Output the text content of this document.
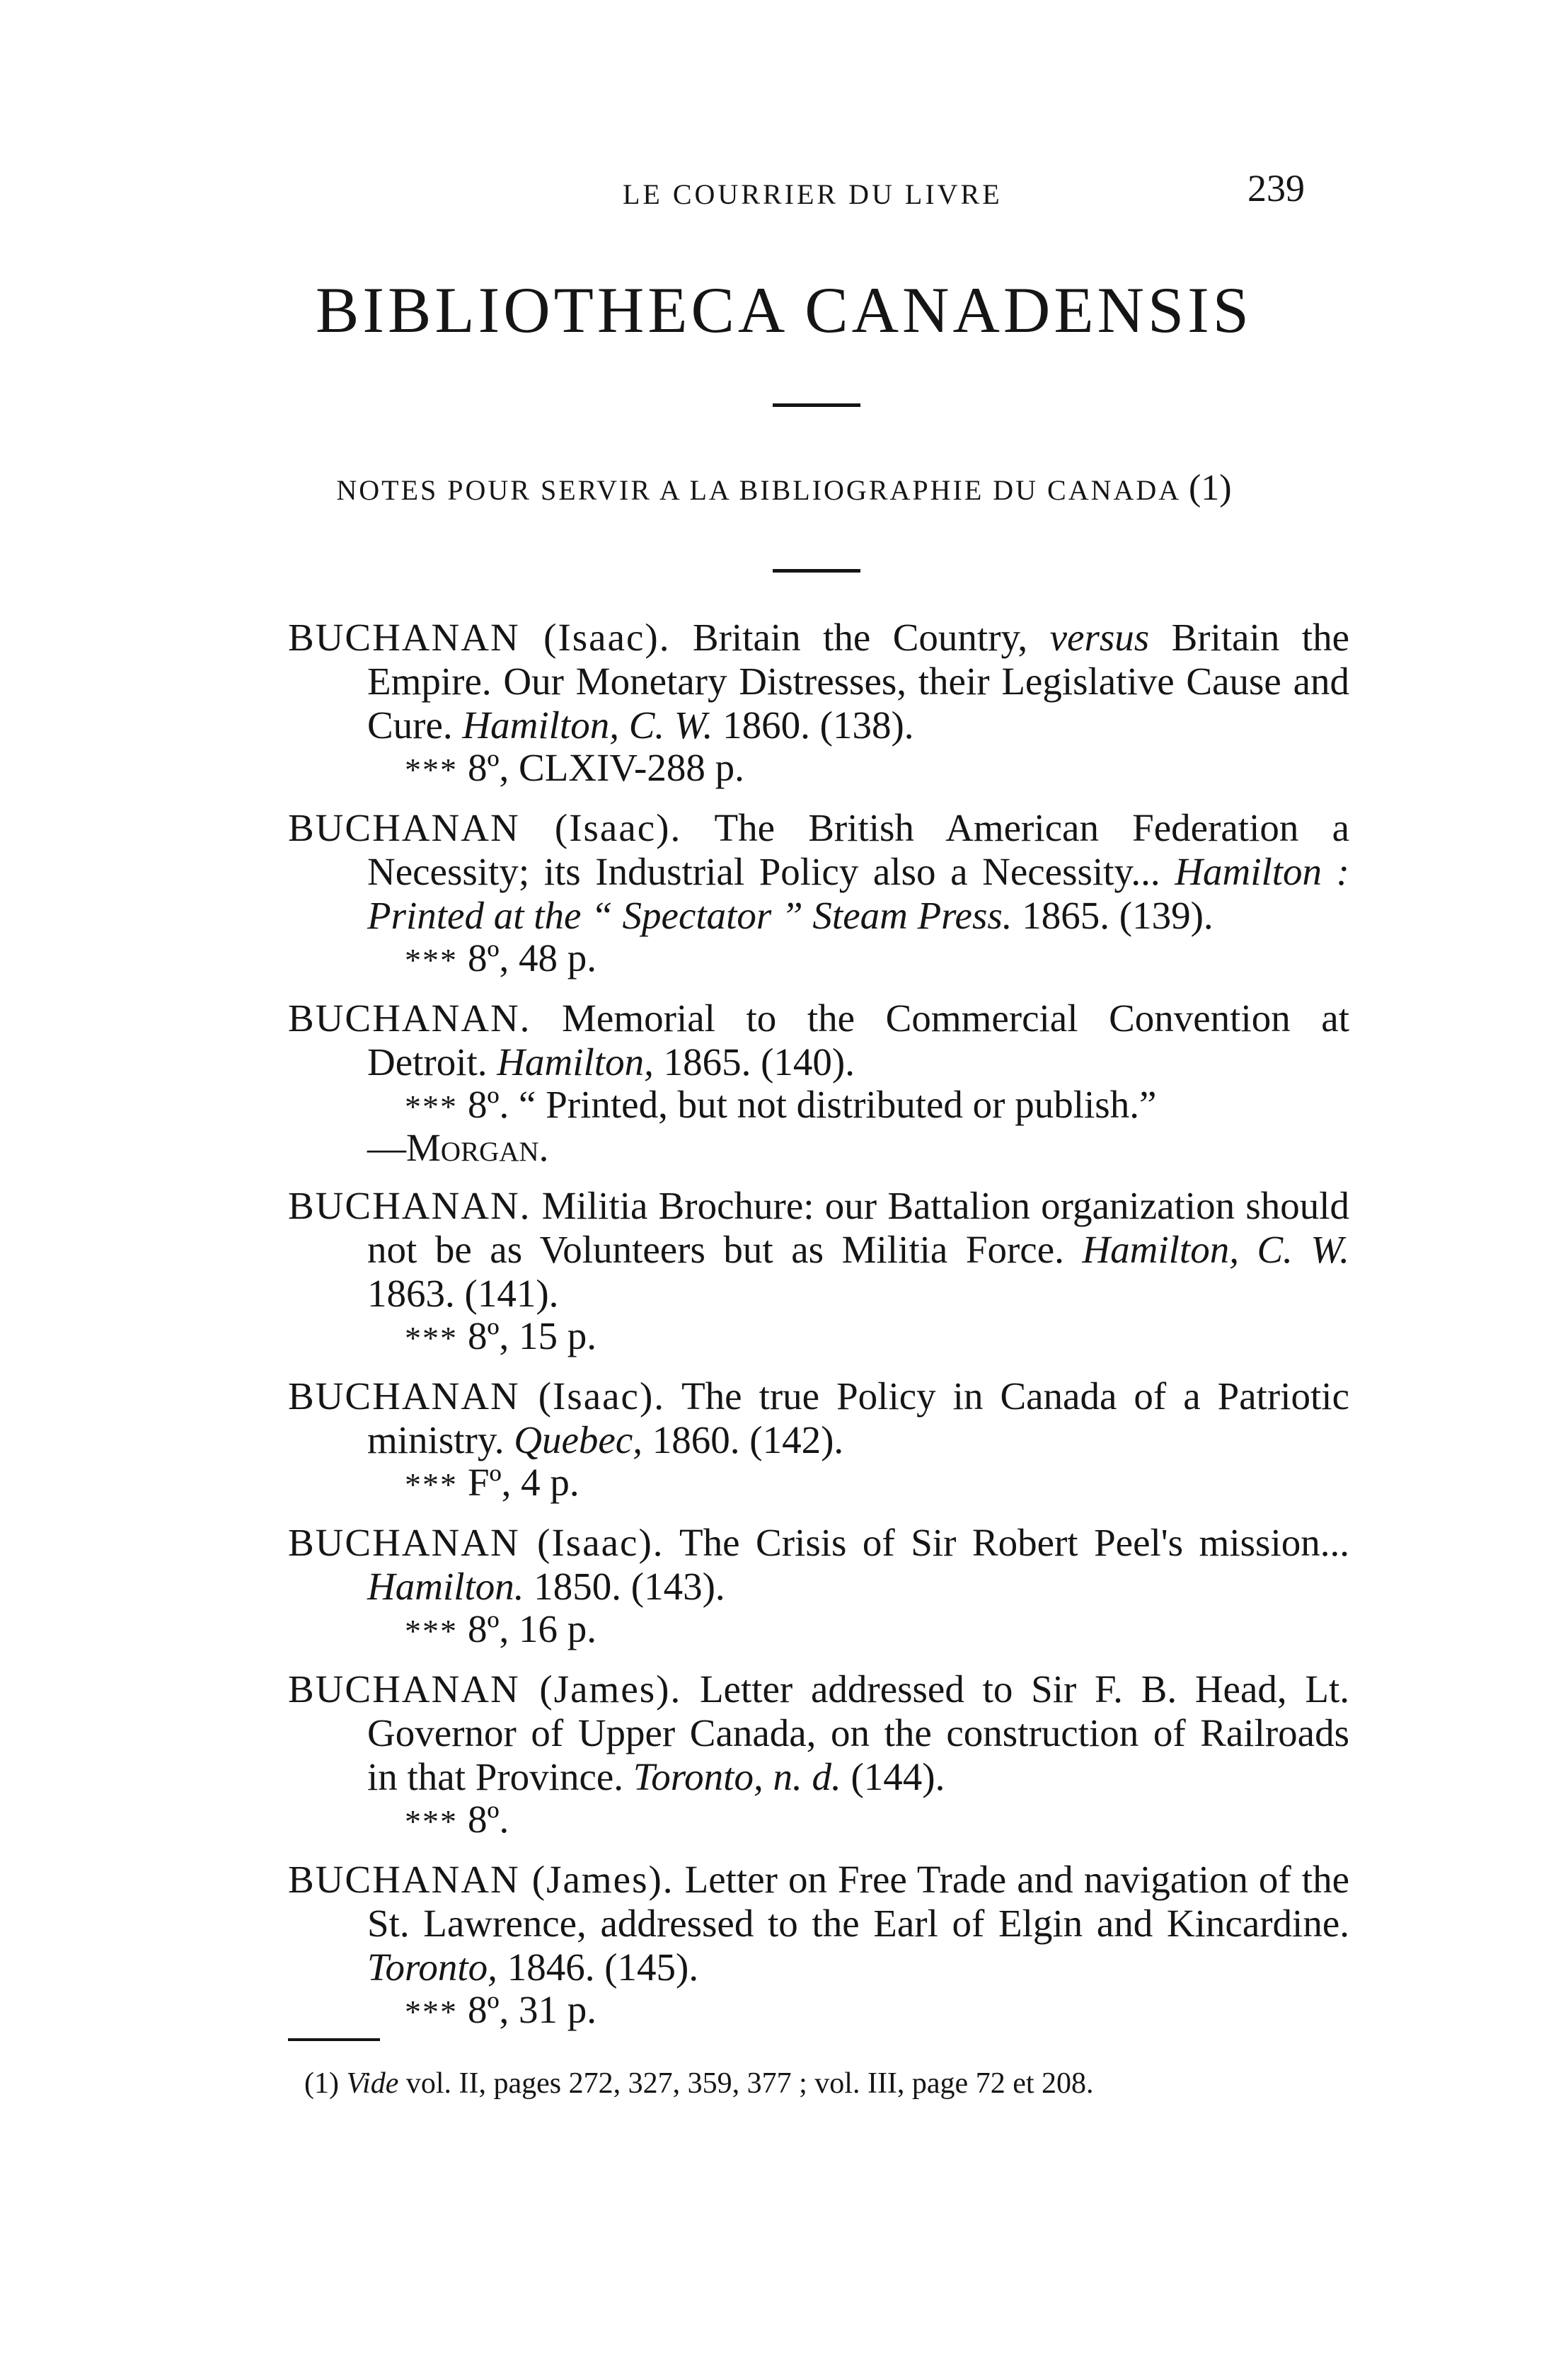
LE COURRIER DU LIVRE	239
BIBLIOTHECA CANADENSIS
NOTES POUR SERVIR A LA BIBLIOGRAPHIE DU CANADA (1)
BUCHANAN (Isaac). Britain the Country, versus Britain the Empire. Our Monetary Distresses, their Legislative Cause and Cure. Hamilton, C. W. 1860. (138).
*** 8º, CLXIV-288 p.
BUCHANAN (Isaac). The British American Federation a Necessity; its Industrial Policy also a Necessity... Hamilton : Printed at the “ Spectator ” Steam Press. 1865. (139).
*** 8º, 48 p.
BUCHANAN. Memorial to the Commercial Convention at Detroit. Hamilton, 1865. (140).
*** 8º. “ Printed, but not distributed or publish.”
—Morgan.
BUCHANAN. Militia Brochure: our Battalion organization should not be as Volunteers but as Militia Force. Hamilton, C. W. 1863. (141).
*** 8º, 15 p.
BUCHANAN (Isaac). The true Policy in Canada of a Patriotic ministry. Quebec, 1860. (142).
*** Fº, 4 p.
BUCHANAN (Isaac). The Crisis of Sir Robert Peel's mission... Hamilton. 1850. (143).
*** 8º, 16 p.
BUCHANAN (James). Letter addressed to Sir F. B. Head, Lt. Governor of Upper Canada, on the construction of Railroads in that Province. Toronto, n. d. (144).
*** 8º.
BUCHANAN (James). Letter on Free Trade and navigation of the St. Lawrence, addressed to the Earl of Elgin and Kincardine. Toronto, 1846. (145).
*** 8º, 31 p.
(1) Vide vol. II, pages 272, 327, 359, 377 ; vol. III, page 72 et 208.
